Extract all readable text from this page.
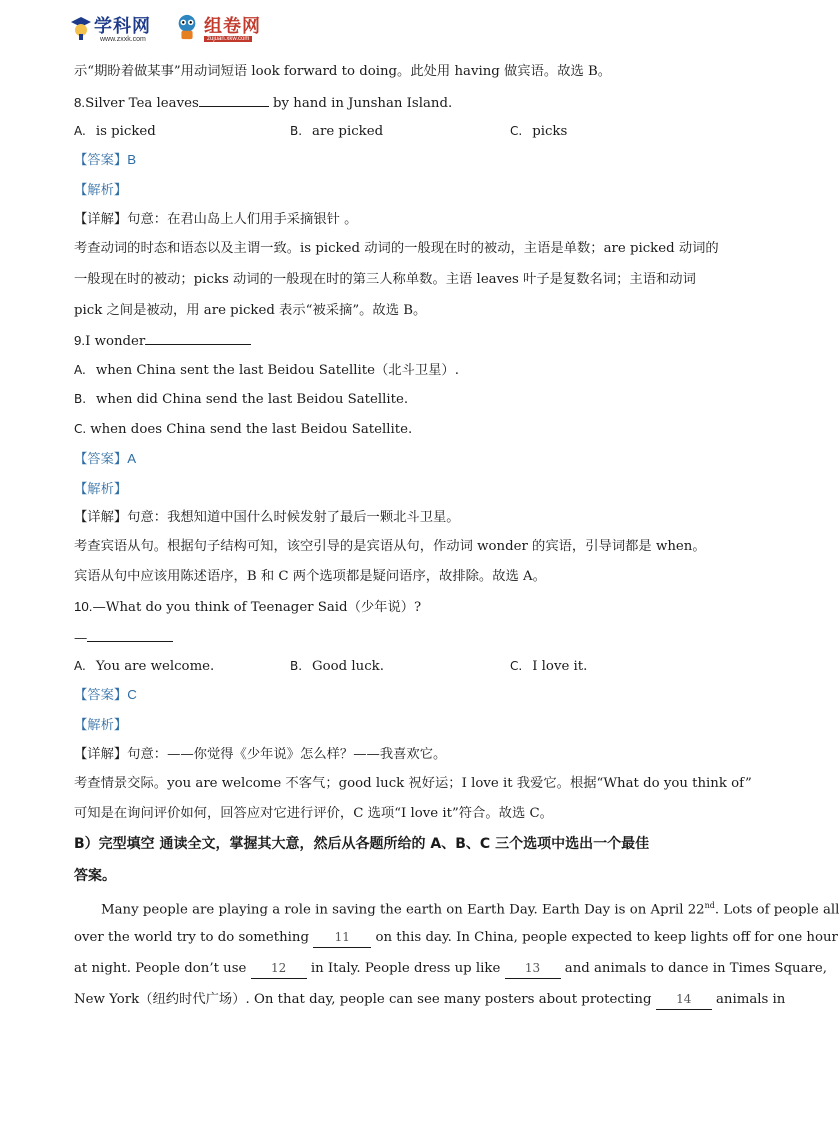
学科网
www.zxxk.com
组卷网
zujuan.xkw.com
示“期盼着做某事”用动词短语 look forward to doing。此处用 having 做宾语。故选 B。
8.Silver Tea leaves	by hand in Junshan Island.
A. is picked	B. are picked	C. picks
【答案】B
【解析】
【详解】句意：在君山岛上人们用手采摘银针 。
考查动词的时态和语态以及主谓一致。is picked 动词的一般现在时的被动，主语是单数；are picked 动词的
一般现在时的被动；picks 动词的一般现在时的第三人称单数。主语 leaves 叶子是复数名词；主语和动词
pick 之间是被动，用 are picked 表示“被采摘”。故选 B。
9.I wonder
A. when China sent the last Beidou Satellite（北斗卫星）.
B. when did China send the last Beidou Satellite.
C. when does China send the last Beidou Satellite.
【答案】A
【解析】
【详解】句意：我想知道中国什么时候发射了最后一颗北斗卫星。
考查宾语从句。根据句子结构可知，该空引导的是宾语从句，作动词 wonder 的宾语，引导词都是 when。
宾语从句中应该用陈述语序，B 和 C 两个选项都是疑问语序，故排除。故选 A。
10.—What do you think of Teenager Said（少年说）?
—
A. You are welcome.	B. Good luck.	C. I love it.
【答案】C
【解析】
【详解】句意：——你觉得《少年说》怎么样？——我喜欢它。
考查情景交际。you are welcome 不客气；good luck 祝好运；I love it 我爱它。根据“What do you think of”
可知是在询问评价如何，回答应对它进行评价，C 选项“I love it”符合。故选 C。
B）完型填空 通读全文，掌握其大意，然后从各题所给的 A、B、C 三个选项中选出一个最佳
答案。
Many people are playing a role in saving the earth on Earth Day. Earth Day is on April 22nd. Lots of people all
over the world try to do something 11 on this day. In China, people expected to keep lights off for one hour
at night. People don’t use 12 in Italy. People dress up like 13 and animals to dance in Times Square,
New York（纽约时代广场）. On that day, people can see many posters about protecting 14 animals in
